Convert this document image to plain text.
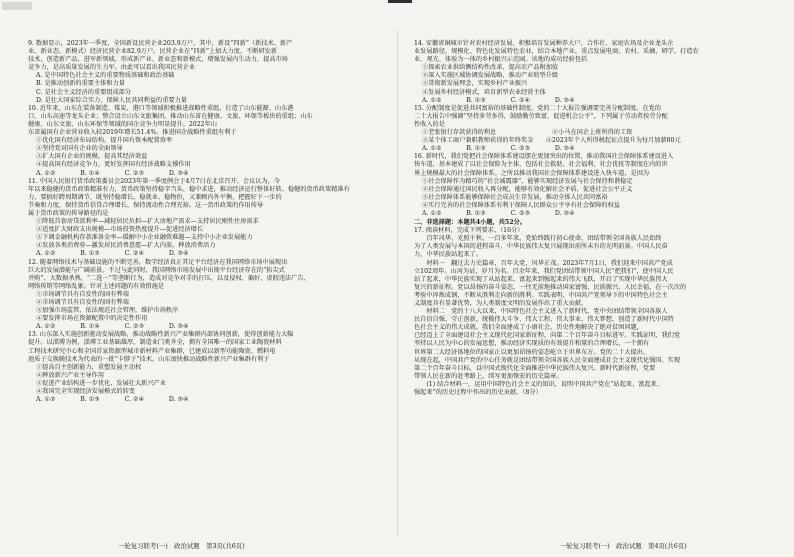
9. 数据显示，2023年一季度，全国新设民营企业203.9万户，其中，新设“四新”（新技术、新产

业、新业态、新模式）经济民营企业82.9万户。民营企业在“四新”上加大力度，不断研发新

技术，创造新产品，进军新领域，形成新产业、新业态和新模式，增强发展内生动力，提高市场

竞争力，是高质量发展的生力军。由此可以看出我国民营企业

A. 是中国特色社会主义的重要物质基础和政治基础

B. 是推动创新的重要主体和力量

C. 是社会主义经济的重要组成部分

D. 是壮大国家综合实力、保障人民共同利益的重要力量

10. 近年来，山东在装备制造、煤炭、港口等领域积极推进战略性重组，打造了山东能源、山东港

口、山东高速等龙头企业；整合设立山东文旅集团，推动山东省在健康、文旅、环保等板块的重组；山东

健康、山东文旅、山东环保等领域的国企竞争力明显提升。2022年山

东省属国有企业营业收入较2019年增长51.4%。推进国企战略性重组有利于

①优化国有经济布局结构，提升国有资本配置效率

②坚持党对国有企业的全面领导

③扩大国有企业的规模，提高其经济效益

④提高国有经济竞争力，更好发挥国有经济战略支撑作用

A. ①②　　　　B. ①④　　　　C. ②③　　　　D. ③④

11. 中国人民银行货币政策委员会2023年第一季度例会于4月7日在北京召开。会议认为，今

年以来稳健的货币政策精准有力，货币政策坚持稳字当头、稳中求进，推动经济运行整体好转。稳健的货币政策精准有

力，要搞好跨周期调节，既坚持稳增长、稳就业、稳物价，又兼顾内外平衡，把握好下一步的

节奏和力度，保持货币信贷合理增长，保持流动性合理充裕。这一货币政策的作用传导

属于货币政策的传导路径的是

①降低首套房贷款利率—减轻居民负担—扩大房地产需求—支持居民刚性住房需求

②适度扩大财政支出规模—市场投资热度提升—促进经济增长

③下调金融机构存款准备金率—缓解中小企业融资难题—支持中小企业发展能力

④发放各类消费券—激发居民消费意愿—扩大内需，释放消费活力

A. ①②　　　　B. ①③　　　　C. ②④　　　　D. ③④

12. 随着网络技术与基础设施的不断完善，数字经济真正其足平台经济在我国网络市场中展现出

巨大的发展潜能与广阔前景。不过与此同时，我国网络市场发展中出现平台经济存在的“掐尖式

并购”、大数据杀熟、“二选一”等垄断行为，造成对竞争对手的打压，以及侵权、偏好、虚假违法广告、

网络传销等网络乱象。针对上述问题的有效措施是

①市场调节具有自发性的固有弊端

②市场调节具有自发性的固有弊端

③加强市场监管，依法规范社会管理，维护市场秩序

④要发挥市场在资源配置中的决定性作用

A. ①②　　　　B. ①④　　　　C. ②③　　　　D. ③④

13. 山东深入实施创新驱动发展战略，推动战略性新兴产业集群内部协同创新，使得创新能力大幅

提升。以淄博为例，淄博工业基础雄厚，制造业门类齐全，拥有全国唯一的国家工业陶瓷材料

工程技术研究中心和全国首家资源型城市新材料产业集群，已建成以新型功能陶瓷、燃料电

池质子交换膜技术为代表的一批“卡脖子”技术。山东加快推动战略性新兴产业集群有利于

①提高自主创新能力，重塑发展主动权

②释放新兴产业主导作用

③促进产业结构进一步优化，发展壮大新兴产业

④我国完全实现经济发展模式的转变

A. ①②　　　　B. ①③　　　　C. ②④　　　　D. ③④

14. 安徽省铜城市针对农村经济发展，积极培育发展种养大户、合作社、家庭农场及企业龙头企

业发展路径，规模化、特色化发展特色农业，结合本地产业，重点发展电商、农村、采摘、研学，打造农

业、观光、体验为一体的乡村振兴示范园。该地的成功经验包括

①探索农业供给侧结构性改革，提高农产品附加值

②深入实施区域协调发展战略，推动产业转型升级

③贯彻新发展理念，实现乡村产业振兴

④发展乡村经济模式，培育新型农业经营主体

A. ①②　　　　B. ①③　　　　C. ②④　　　　D. ③④

15. 分配制度是促进共同富裕的基础性制度。党的二十大报告强调要完善分配制度。在党的

二十大报告中强调“坚持多劳多得，鼓励勤劳致富，促进机会公平”。下列属于劳动者按劳分配

性收入的是

①老张银行存款获得的利息　　　　　　　　　②小马在国企上班所得的工资

③某个体工商户兼职教师获得的年终奖金　　④2023年个人所得税起征点提升为每月加薪80元

A. ①②　　　　B. ①③　　　　C. ②③　　　　D. ③④

16. 新时代，我们党把社会保障体系建设摆在更加突出的位置，推动我国社会保障体系建设进入

快车道，基本建成了以社会保险为主体，包括社会救助、社会福利、社会优抚等制度在内的世

界上规模最大的社会保障体系。之所以推动我国社会保障体系建设进入快车道，是因为

①社会保障作为精巧的“社会减震器”，能够实现经济发展与社会保持和谐稳定

②社会保障通过国民收入再分配，能够有效化解社会矛盾，促进社会公平正义

③社会保障体系能够保障社会成员生存发展，推动全体人民共同富裕

④实行完善的社会保障体系有利于保障人民群众公平享有社会保障的权益

A. ①②　　　　B. ①③　　　　C. ②③　　　　D. ③④

二、非选择题：本题共4小题，共52分。

17. 阅读材料，完成下列要求。（16分）

　　百年风华，光照千秋。一百多年来，党始终践行初心使命，团结带领全国各族人民始终

为了人类发展与本国的进程奋斗，中华民族伟大复兴展现出前所未有的光明前景。中国人民奋

力，中华民族站起来了。

　　材料一　翻过去力史篇章，百年大党，风华正茂。2023年7月1日，我们迎来中国共产党成

立102周年。山河为证，岁月为名。百余年来，我们党团结带领中国人民“把我们”，使中国人民

站了起来，中华民族实现了从站起来、富起来到强起来的伟大飞跃，开启了实现中华民族伟大

复兴的新征程。党以昂扬的奋斗姿态，一往无前地推动国家富强、民族振兴、人民幸福，在一次次的

考验中淬炼成钢，不断从胜利走向新的胜利。实践表明，中国共产党领导下的中国特色社会主

义制度具有显著优势，为人类制度文明的发展作出了重大贡献。

　　材料二　党的十八大以来，中国特色社会主义进入了新时代，党中央团结带领全国各族人

民自信自强、守正创新，统揽伟大斗争、伟大工程、伟大事业、伟大梦想，创造了新时代中国特

色社会主义的伟大成就。我们全面建成了小康社会，历史性地解决了绝对贫困问题，

已经迈上了全面建设社会主义现代化国家新征程，向第二个百年奋斗目标进军。实践证明，我们党

坚持以人民为中心的发展思想，推动经济实现质的有效提升和量的合理增长，一个拥有

世界第二大经济体地位的国家正以更加昂扬的姿态屹立于世界东方。党的二十大提出，

从现在起，中国共产党的中心任务就是团结带领全国各族人民全面建成社会主义现代化强国、实现

第二个百年奋斗目标，以中国式现代化全面推进中华民族伟大复兴。新时代新征程，党要

带领人民在新的赶考路上，续写更加恢宏的历史篇章。

　　(1) 结合材料一，运用中国特色社会主义的知识，说明中国共产党在“站起来、富起来、

强起来”的历史过程中作出的历史贡献。（8分）

一轮复习联考(一)　政治试题　第3页(共6页)	一轮复习联考(一)　政治试题　第4页(共6页)
